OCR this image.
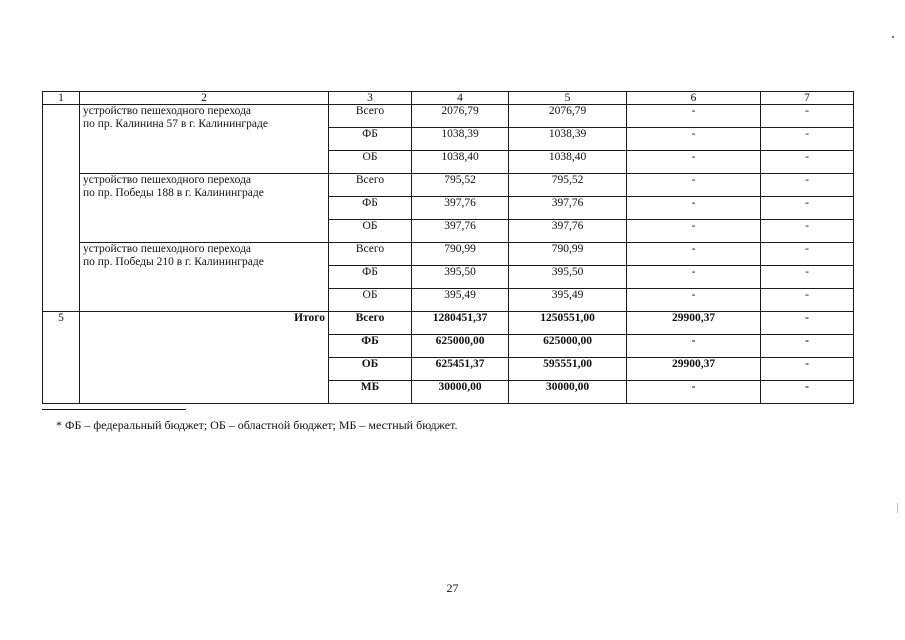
1	2	3	4	5	6	7

	устройство пешеходного перехода
по пр. Калинина 57 в г. Калининграде	Всего	2076,79	2076,79	-	-
		ФБ	1038,39	1038,39	-	-
		ОБ	1038,40	1038,40	-	-

	устройство пешеходного перехода
по пр. Победы 188 в г. Калининграде	Всего	795,52	795,52	-	-
		ФБ	397,76	397,76	-	-
		ОБ	397,76	397,76	-	-

	устройство пешеходного перехода
по пр. Победы 210 в г. Калининграде	Всего	790,99	790,99	-	-
		ФБ	395,50	395,50	-	-
		ОБ	395,49	395,49	-	-
5	Итого	Всего	1280451,37	1250551,00	29900,37	-
		ФБ	625000,00	625000,00	-	-
		ОБ	625451,37	595551,00	29900,37	-
		МБ	30000,00	30000,00	-	-
* ФБ – федеральный бюджет; ОБ – областной бюджет; МБ – местный бюджет.
27
